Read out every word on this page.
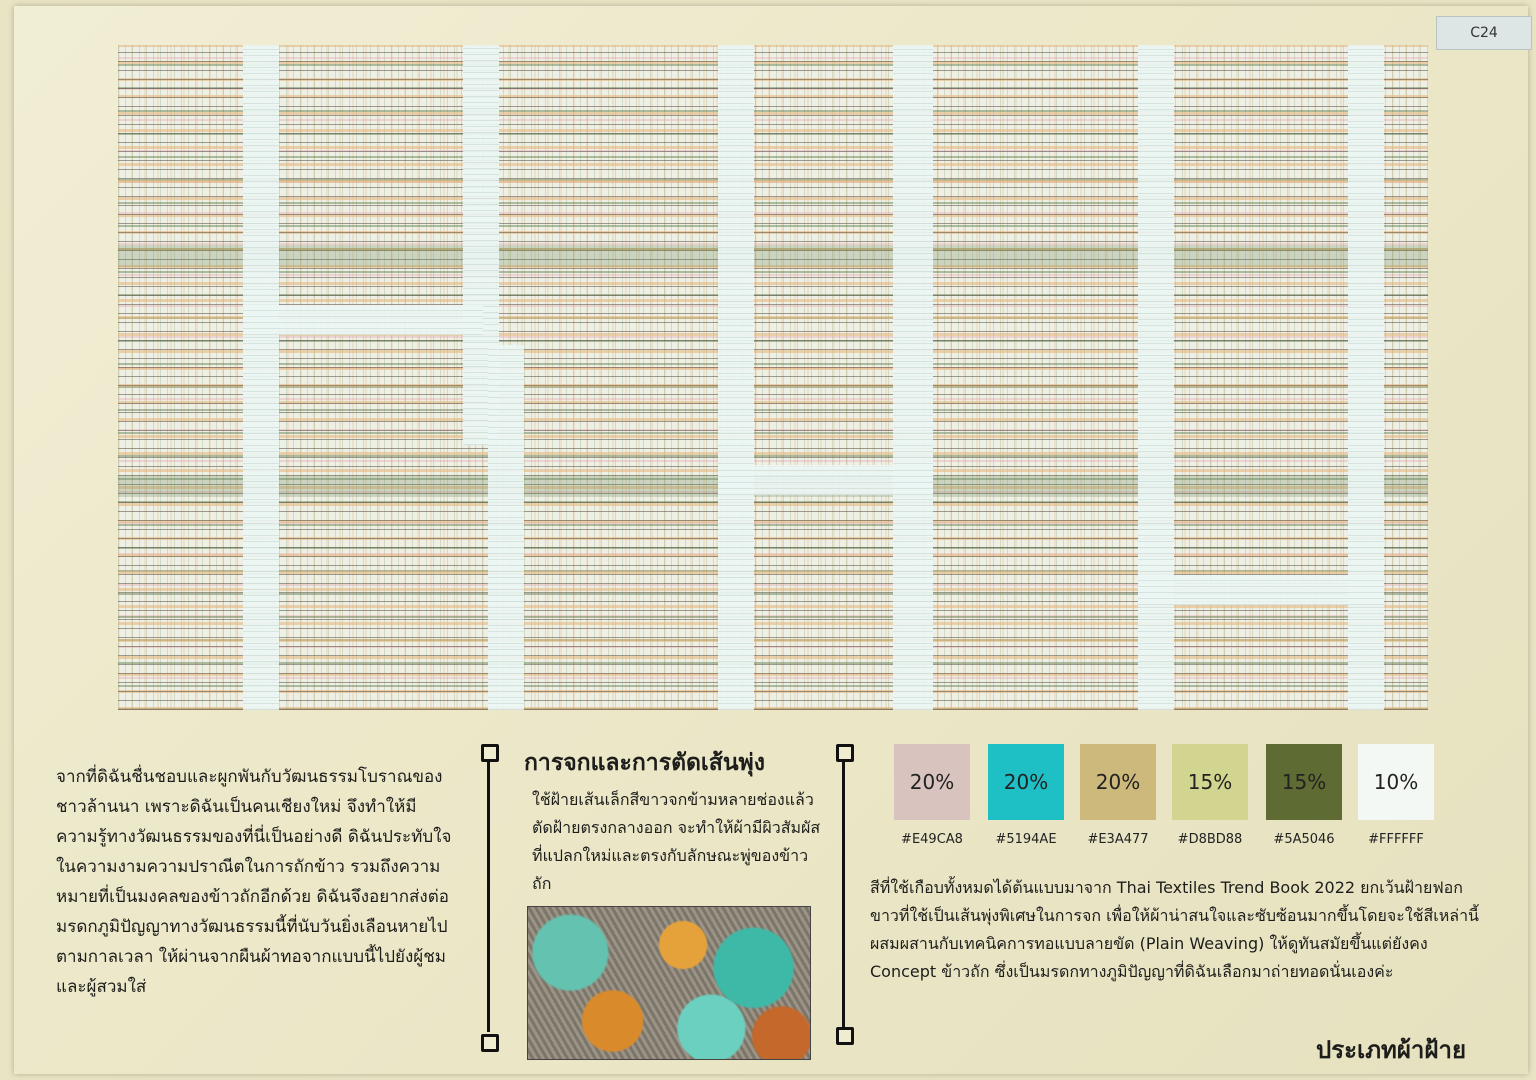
C24

จากที่ดิฉันชื่นชอบและผูกพันกับวัฒนธรรมโบราณของชาวล้านนา เพราะดิฉันเป็นคนเชียงใหม่ จึงทำให้มีความรู้ทางวัฒนธรรมของที่นี่เป็นอย่างดี ดิฉันประทับใจในความงามความปราณีตในการถักข้าว รวมถึงความหมายที่เป็นมงคลของข้าวถักอีกด้วย ดิฉันจึงอยากส่งต่อมรดกภูมิปัญญาทางวัฒนธรรมนี้ที่นับวันยิ่งเลือนหายไปตามกาลเวลา ให้ผ่านจากผืนผ้าทอจากแบบนี้ไปยังผู้ชมและผู้สวมใส่

การจกและการตัดเส้นพุ่ง

ใช้ฝ้ายเส้นเล็กสีขาวจกข้ามหลายช่องแล้วตัดฝ้ายตรงกลางออก จะทำให้ผ้ามีผิวสัมผัสที่แปลกใหม่และตรงกับลักษณะพู่ของข้าวถัก

20%	20%	20%	15%	15%	10%
#E49CA8	#5194AE	#E3A477	#D8BD88	#5A5046	#FFFFFF

สีที่ใช้เกือบทั้งหมดได้ต้นแบบมาจาก Thai Textiles Trend Book 2022 ยกเว้นฝ้ายฟอกขาวที่ใช้เป็นเส้นพุ่งพิเศษในการจก เพื่อให้ผ้าน่าสนใจและซับซ้อนมากขึ้นโดยจะใช้สีเหล่านี้ผสมผสานกับเทคนิคการทอแบบลายขัด (Plain Weaving) ให้ดูทันสมัยขึ้นแต่ยังคง Concept ข้าวถัก ซึ่งเป็นมรดกทางภูมิปัญญาที่ดิฉันเลือกมาถ่ายทอดนั่นเองค่ะ

ประเภทผ้าฝ้าย
